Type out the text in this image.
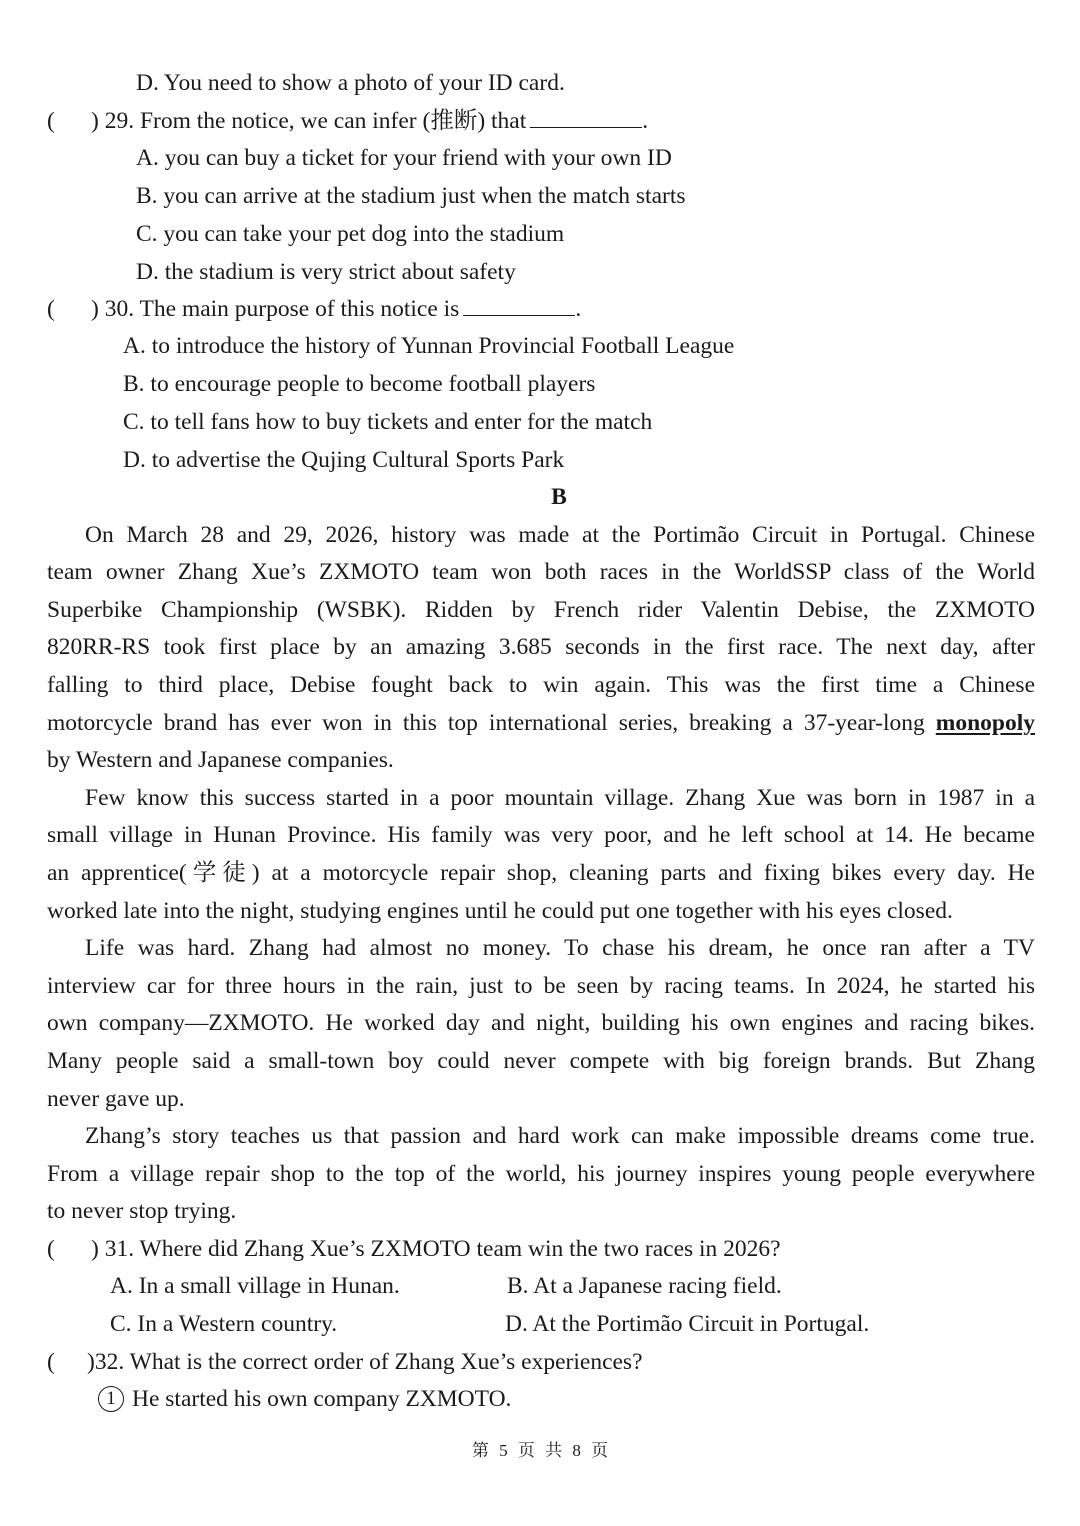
D. You need to show a photo of your ID card.
( ) 29. From the notice, we can infer (推断) that	.
A. you can buy a ticket for your friend with your own ID
B. you can arrive at the stadium just when the match starts
C. you can take your pet dog into the stadium
D. the stadium is very strict about safety
( ) 30. The main purpose of this notice is	.
A. to introduce the history of Yunnan Provincial Football League
B. to encourage people to become football players
C. to tell fans how to buy tickets and enter for the match
D. to advertise the Qujing Cultural Sports Park
B
On March 28 and 29, 2026, history was made at the Portimão Circuit in Portugal. Chinese
team owner Zhang Xue’s ZXMOTO team won both races in the WorldSSP class of the World
Superbike Championship (WSBK). Ridden by French rider Valentin Debise, the ZXMOTO
820RR-RS took first place by an amazing 3.685 seconds in the first race. The next day, after
falling to third place, Debise fought back to win again. This was the first time a Chinese
motorcycle brand has ever won in this top international series, breaking a 37-year-long monopoly
by Western and Japanese companies.
Few know this success started in a poor mountain village. Zhang Xue was born in 1987 in a
small village in Hunan Province. His family was very poor, and he left school at 14. He became
an apprentice(学徒) at a motorcycle repair shop, cleaning parts and fixing bikes every day. He
worked late into the night, studying engines until he could put one together with his eyes closed.
Life was hard. Zhang had almost no money. To chase his dream, he once ran after a TV
interview car for three hours in the rain, just to be seen by racing teams. In 2024, he started his
own company—ZXMOTO. He worked day and night, building his own engines and racing bikes.
Many people said a small-town boy could never compete with big foreign brands. But Zhang
never gave up.
Zhang’s story teaches us that passion and hard work can make impossible dreams come true.
From a village repair shop to the top of the world, his journey inspires young people everywhere
to never stop trying.
( ) 31. Where did Zhang Xue’s ZXMOTO team win the two races in 2026?
A. In a small village in Hunan.	B. At a Japanese racing field.
C. In a Western country.	D. At the Portimão Circuit in Portugal.
( )32. What is the correct order of Zhang Xue’s experiences?
1 He started his own company ZXMOTO.
第 5 页 共 8 页
